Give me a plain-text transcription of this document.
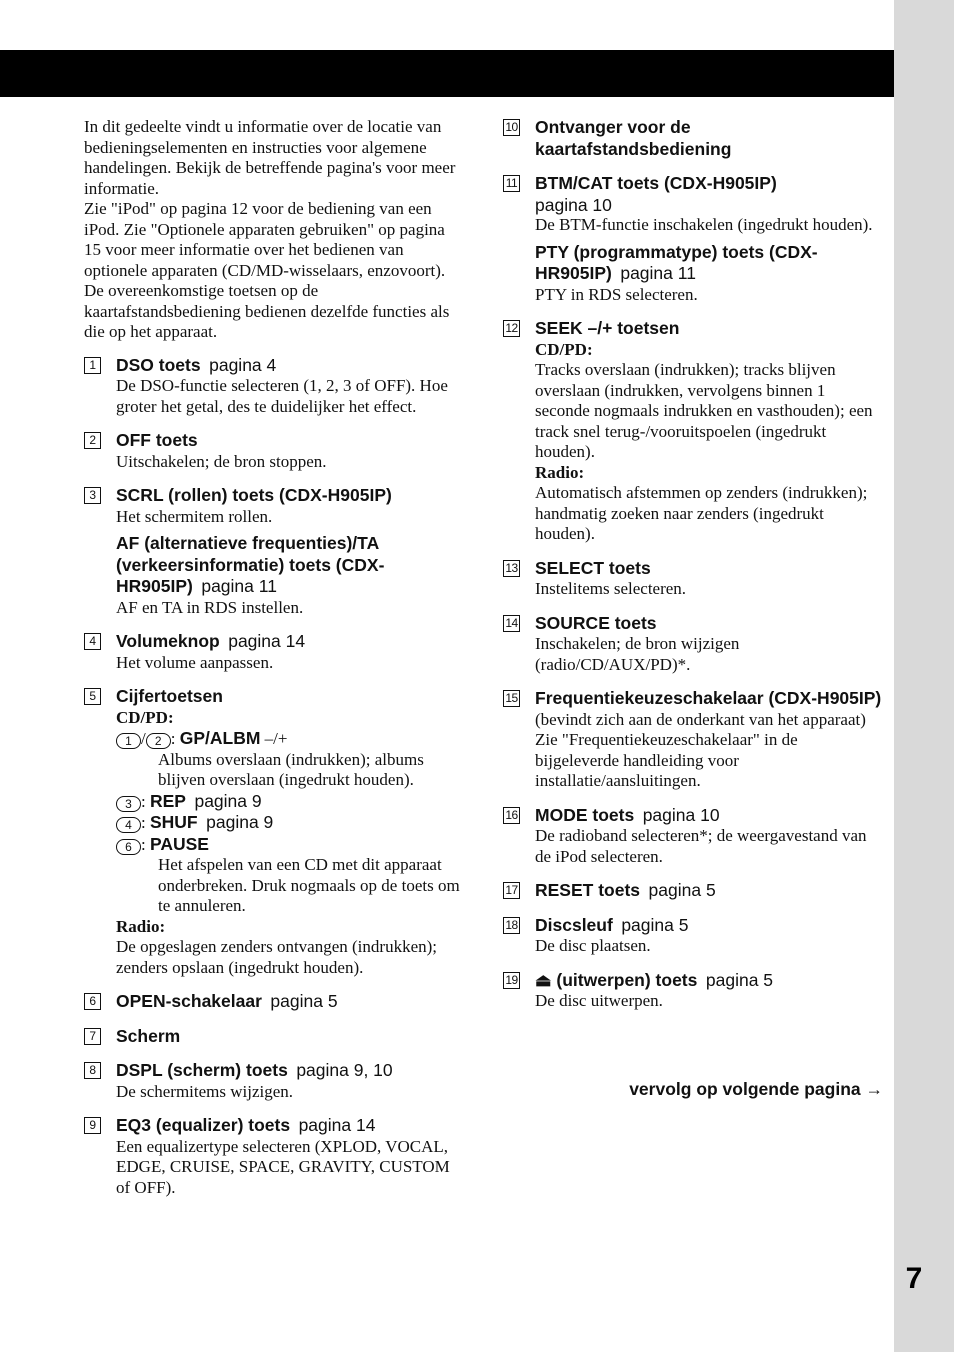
7

In dit gedeelte vindt u informatie over de locatie van bedieningselementen en instructies voor algemene handelingen. Bekijk de betreffende pagina's voor meer informatie.

Zie "iPod" op pagina 12 voor de bediening van een iPod. Zie "Optionele apparaten gebruiken" op pagina 15 voor meer informatie over het bedienen van optionele apparaten (CD/MD-wisselaars, enzovoort).

De overeenkomstige toetsen op de kaartafstandsbediening bedienen dezelfde functies als die op het apparaat.

1	DSO toets pagina 4
De DSO-functie selecteren (1, 2, 3 of OFF). Hoe groter het getal, des te duidelijker het effect.
2	OFF toets
Uitschakelen; de bron stoppen.
3	SCRL (rollen) toets (CDX-H905IP)
Het schermitem rollen.
AF (alternatieve frequenties)/TA (verkeersinformatie) toets (CDX-HR905IP) pagina 11
AF en TA in RDS instellen.
4	Volumeknop pagina 14
Het volume aanpassen.
5	Cijfertoetsen
CD/PD:
1 / 2 : GP/ALBM –/+
Albums overslaan (indrukken); albums blijven overslaan (ingedrukt houden).
3 : REP pagina 9
4 : SHUF pagina 9
6 : PAUSE
Het afspelen van een CD met dit apparaat onderbreken. Druk nogmaals op de toets om te annuleren.
Radio:
De opgeslagen zenders ontvangen (indrukken); zenders opslaan (ingedrukt houden).
6	OPEN-schakelaar pagina 5
7	Scherm
8	DSPL (scherm) toets pagina 9, 10
De schermitems wijzigen.
9	EQ3 (equalizer) toets pagina 14
Een equalizertype selecteren (XPLOD, VOCAL, EDGE, CRUISE, SPACE, GRAVITY, CUSTOM of OFF).
10 Ontvanger voor de kaartafstandsbediening
11 BTM/CAT toets (CDX-H905IP)
pagina 10
De BTM-functie inschakelen (ingedrukt houden).
PTY (programmatype) toets (CDX-HR905IP) pagina 11
PTY in RDS selecteren.
12 SEEK –/+ toetsen
CD/PD:
Tracks overslaan (indrukken); tracks blijven overslaan (indrukken, vervolgens binnen 1 seconde nogmaals indrukken en vasthouden); een track snel terug-/vooruitspoelen (ingedrukt houden).
Radio:
Automatisch afstemmen op zenders (indrukken); handmatig zoeken naar zenders (ingedrukt houden).
13 SELECT toets
Instelitems selecteren.
14 SOURCE toets
Inschakelen; de bron wijzigen (radio/CD/AUX/PD)*.
15 Frequentiekeuzeschakelaar (CDX-H905IP) (bevindt zich aan de onderkant van het apparaat)
Zie "Frequentiekeuzeschakelaar" in de bijgeleverde handleiding voor installatie/aansluitingen.
16 MODE toets pagina 10
De radioband selecteren*; de weergavestand van de iPod selecteren.
17 RESET toets pagina 5
18 Discsleuf pagina 5
De disc plaatsen.
19 ⏏ (uitwerpen) toets pagina 5
De disc uitwerpen.
vervolg op volgende pagina →
